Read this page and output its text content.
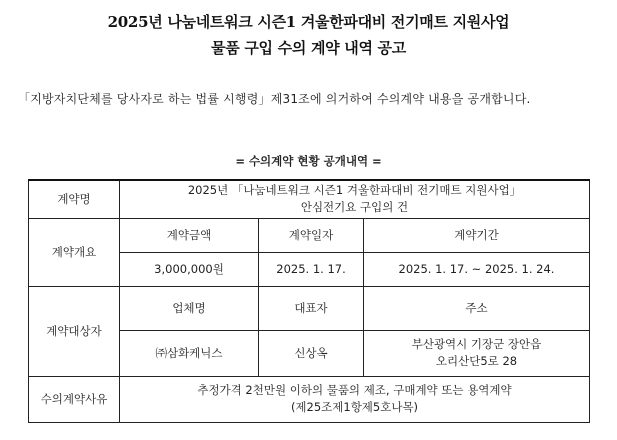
2025년 나눔네트워크 시즌1 겨울한파대비 전기매트 지원사업
물품 구입 수의 계약 내역 공고
「지방자치단체를 당사자로 하는 법률 시행령」제31조에 의거하여 수의계약 내용을 공개합니다.
= 수의계약 현황 공개내역 =
계약명	2025년 「나눔네트워크 시즌1 겨울한파대비 전기매트 지원사업」
안심전기요 구입의 건		

계약개요	계약금액	계약일자	계약기간
	3,000,000원	2025. 1. 17.	2025. 1. 17. ~ 2025. 1. 24.
계약대상자	업체명	대표자	주소
	㈜삼화케닉스	신상옥	부산광역시 기장군 장안읍
오리산단5로 28

수의계약사유	추정가격 2천만원 이하의 물품의 제조, 구매계약 또는 용역계약
(제25조제1항제5호나목)		
